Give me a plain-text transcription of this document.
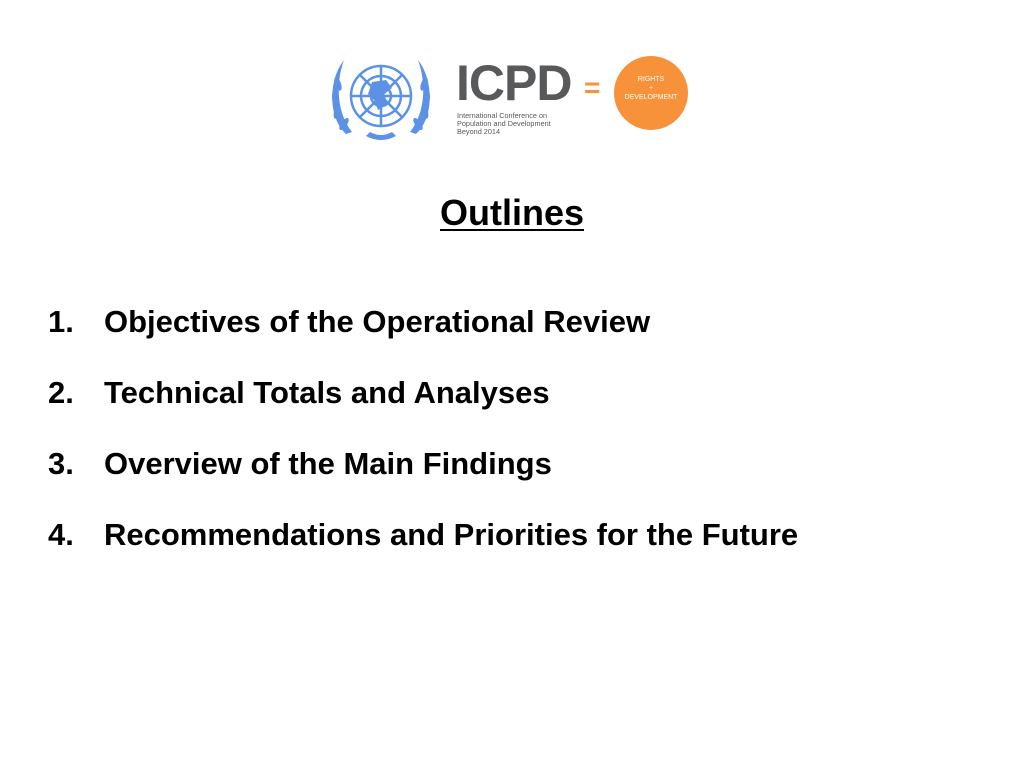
ICPD
International Conference on
Population and Development
Beyond 2014
=	RIGHTS
+
DEVELOPMENT
Outlines
1. Objectives of the Operational Review
2. Technical Totals and Analyses
3. Overview of the Main Findings
4. Recommendations and Priorities for the Future
